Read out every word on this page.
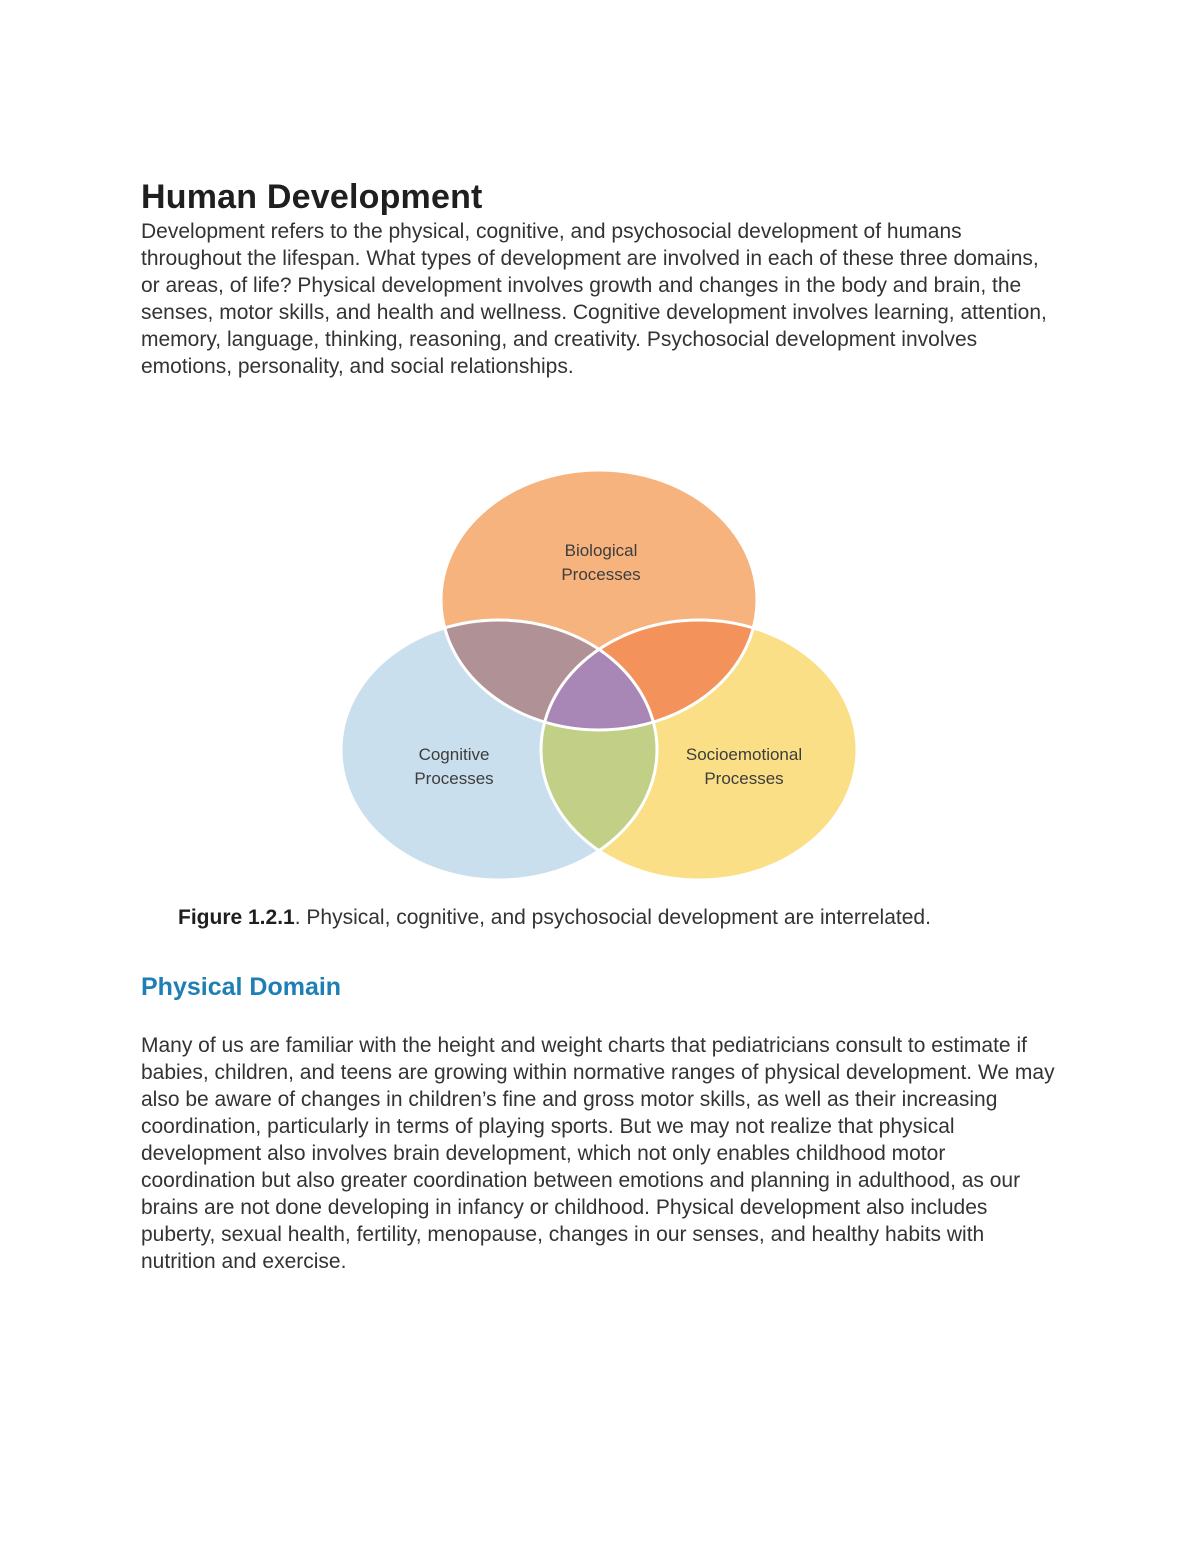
Human Development

Development refers to the physical, cognitive, and psychosocial development of humans throughout the lifespan. What types of development are involved in each of these three domains, or areas, of life? Physical development involves growth and changes in the body and brain, the senses, motor skills, and health and wellness. Cognitive development involves learning, attention, memory, language, thinking, reasoning, and creativity. Psychosocial development involves emotions, personality, and social relationships.

Biological
Processes
Cognitive
Processes
Socioemotional
Processes
Figure 1.2.1. Physical, cognitive, and psychosocial development are interrelated.
Physical Domain

Many of us are familiar with the height and weight charts that pediatricians consult to estimate if babies, children, and teens are growing within normative ranges of physical development. We may also be aware of changes in children’s fine and gross motor skills, as well as their increasing coordination, particularly in terms of playing sports. But we may not realize that physical development also involves brain development, which not only enables childhood motor coordination but also greater coordination between emotions and planning in adulthood, as our brains are not done developing in infancy or childhood. Physical development also includes puberty, sexual health, fertility, menopause, changes in our senses, and healthy habits with nutrition and exercise.
